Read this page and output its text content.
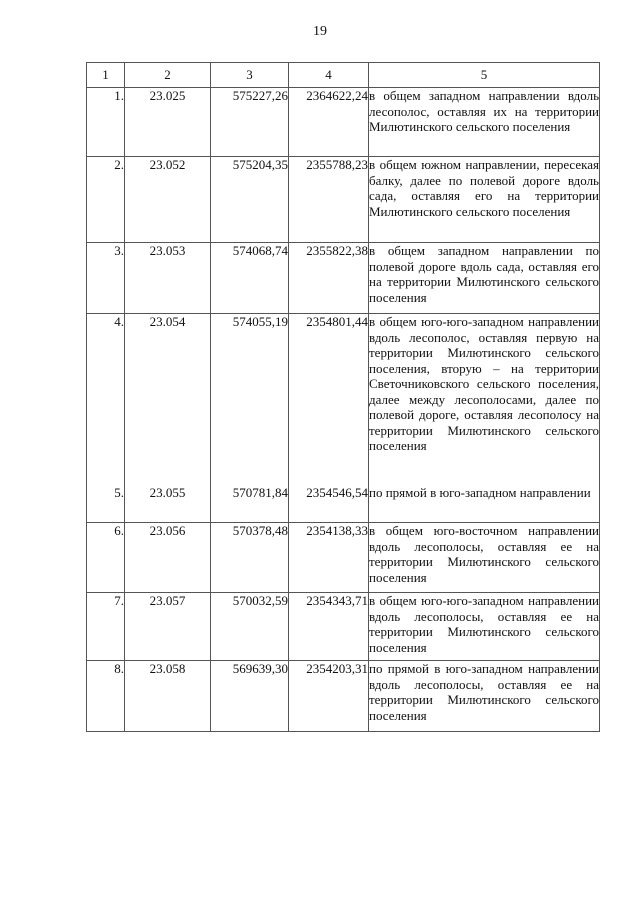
19
1	2	3	4	5
1.	23.025	575227,26	2364622,24	в общем западном направлении вдоль лесополос, оставляя их на территории Милютинского сельского поселения
2.	23.052	575204,35	2355788,23	в общем южном направлении, пересекая балку, далее по полевой дороге вдоль сада, оставляя его на территории Милютинского сельского поселения
3.	23.053	574068,74	2355822,38	в общем западном направлении по полевой дороге вдоль сада, оставляя его на территории Милютинского сельского поселения
4.	23.054	574055,19	2354801,44	в общем юго-юго-западном направлении вдоль лесополос, оставляя первую на территории Милютинского сельского поселения, вторую – на территории Светочниковского сельского поселения, далее между лесополосами, далее по полевой дороге, оставляя лесополосу на территории Милютинского сельского поселения
5.	23.055	570781,84	2354546,54	по прямой в юго-западном направлении
6.	23.056	570378,48	2354138,33	в общем юго-восточном направлении вдоль лесополосы, оставляя ее на территории Милютинского сельского поселения
7.	23.057	570032,59	2354343,71	в общем юго-юго-западном направлении вдоль лесополосы, оставляя ее на территории Милютинского сельского поселения
8.	23.058	569639,30	2354203,31	по прямой в юго-западном направлении вдоль лесополосы, оставляя ее на территории Милютинского сельского поселения
